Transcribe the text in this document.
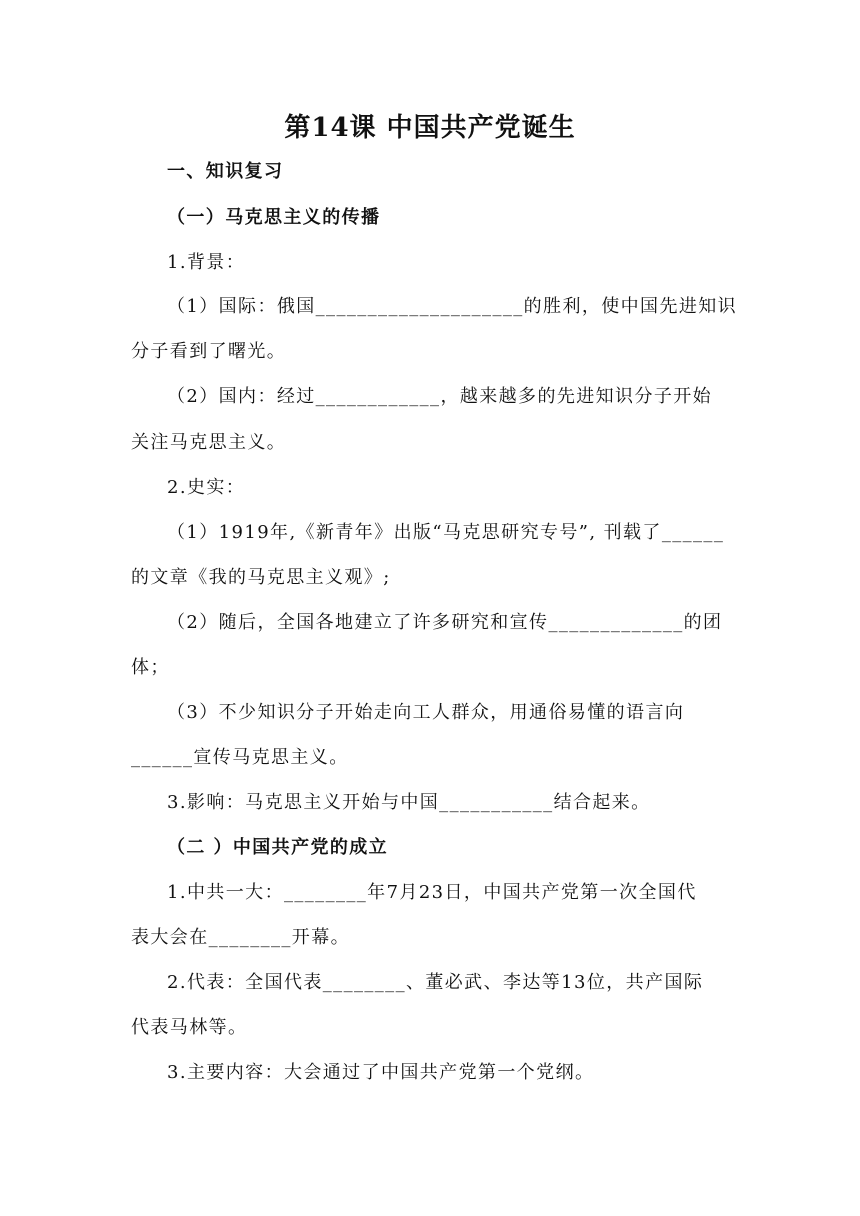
第14课 中国共产党诞生
一、知识复习
（一）马克思主义的传播
1.背景：
（1）国际：俄国____________________的胜利，使中国先进知识
分子看到了曙光。
（2）国内：经过____________，越来越多的先进知识分子开始
关注马克思主义。
2.史实：
（1）1919年,《新青年》出版“马克思研究专号”, 刊载了______
的文章《我的马克思主义观》;
（2）随后，全国各地建立了许多研究和宣传_____________的团
体；
（3）不少知识分子开始走向工人群众，用通俗易懂的语言向
______宣传马克思主义。
3.影响：马克思主义开始与中国___________结合起来。
（二 ）中国共产党的成立
1.中共一大：________年7月23日，中国共产党第一次全国代
表大会在________开幕。
2.代表：全国代表________、董必武、李达等13位，共产国际
代表马林等。
3.主要内容：大会通过了中国共产党第一个党纲。
